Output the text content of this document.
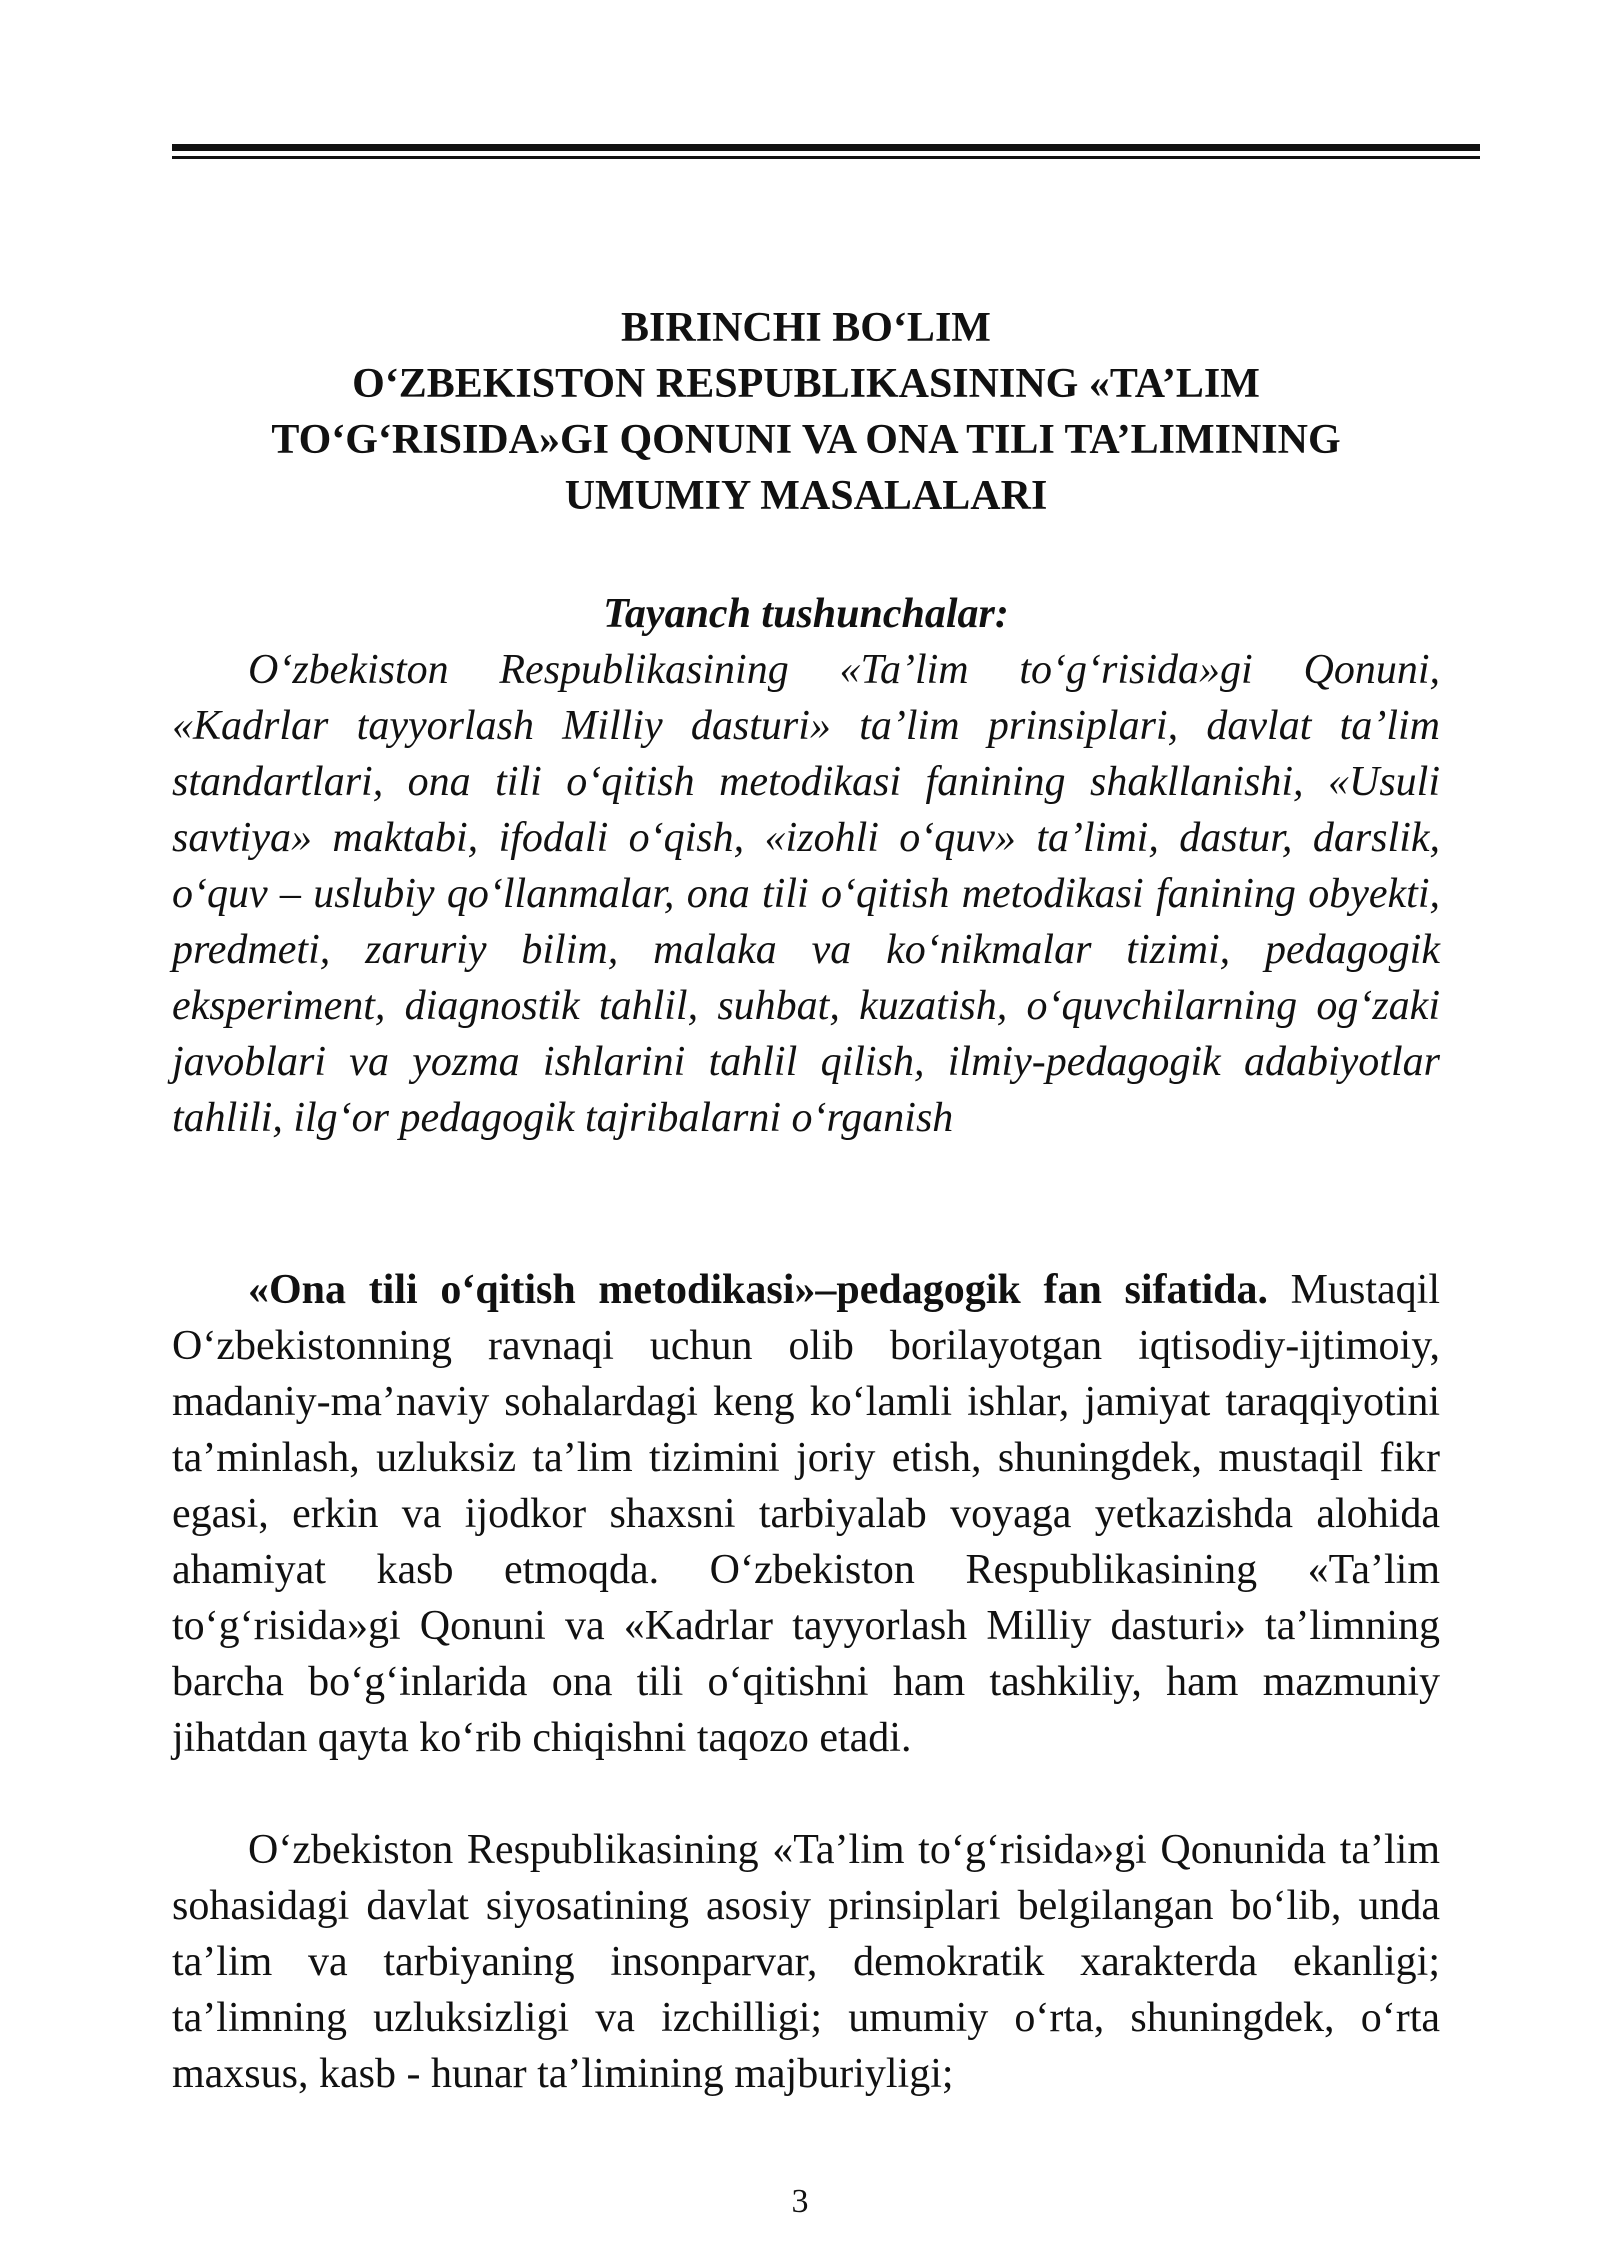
BIRINCHI BO‘LIM
O‘ZBEKISTON RESPUBLIKASINING «TA’LIM
TO‘G‘RISIDA»GI QONUNI VA ONA TILI TA’LIMINING
UMUMIY MASALALARI
Tayanch tushunchalar:

O‘zbekiston Respublikasining «Ta’lim to‘g‘risida»gi Qonuni, «Kadrlar tayyorlash Milliy dasturi» ta’lim prinsiplari, davlat ta’lim standartlari, ona tili o‘qitish metodikasi fanining shakllanishi, «Usuli savtiya» maktabi, ifodali o‘qish, «izohli o‘quv» ta’limi, dastur, darslik, o‘quv – uslubiy qo‘llanmalar, ona tili o‘qitish metodikasi fanining obyekti, predmeti, zaruriy bilim, malaka va ko‘nikmalar tizimi, pedagogik eksperiment, diagnostik tahlil, suhbat, kuzatish, o‘quvchilarning og‘zaki javoblari va yozma ishlarini tahlil qilish, ilmiy-pedagogik adabiyotlar tahlili, ilg‘or pedagogik tajribalarni o‘rganish

«Ona tili o‘qitish metodikasi»–pedagogik fan sifatida. Mustaqil O‘zbekistonning ravnaqi uchun olib borilayotgan iqtisodiy-ijtimoiy, madaniy-ma’naviy sohalardagi keng ko‘lamli ishlar, jamiyat taraqqiyotini ta’minlash, uzluksiz ta’lim tizimini joriy etish, shuningdek, mustaqil fikr egasi, erkin va ijodkor shaxsni tarbiyalab voyaga yetkazishda alohida ahamiyat kasb etmoqda. O‘zbekiston Respublikasining «Ta’lim to‘g‘risida»gi Qonuni va «Kadrlar tayyorlash Milliy dasturi» ta’limning barcha bo‘g‘inlarida ona tili o‘qitishni ham tashkiliy, ham mazmuniy jihatdan qayta ko‘rib chiqishni taqozo etadi.

O‘zbekiston Respublikasining «Ta’lim to‘g‘risida»gi Qonunida ta’lim sohasidagi davlat siyosatining asosiy prinsiplari belgilangan bo‘lib, unda ta’lim va tarbiyaning insonparvar, demokratik xarakterda ekanligi; ta’limning uzluksizligi va izchilligi; umumiy o‘rta, shuningdek, o‘rta maxsus, kasb - hunar ta’limining majburiyligi;

3
